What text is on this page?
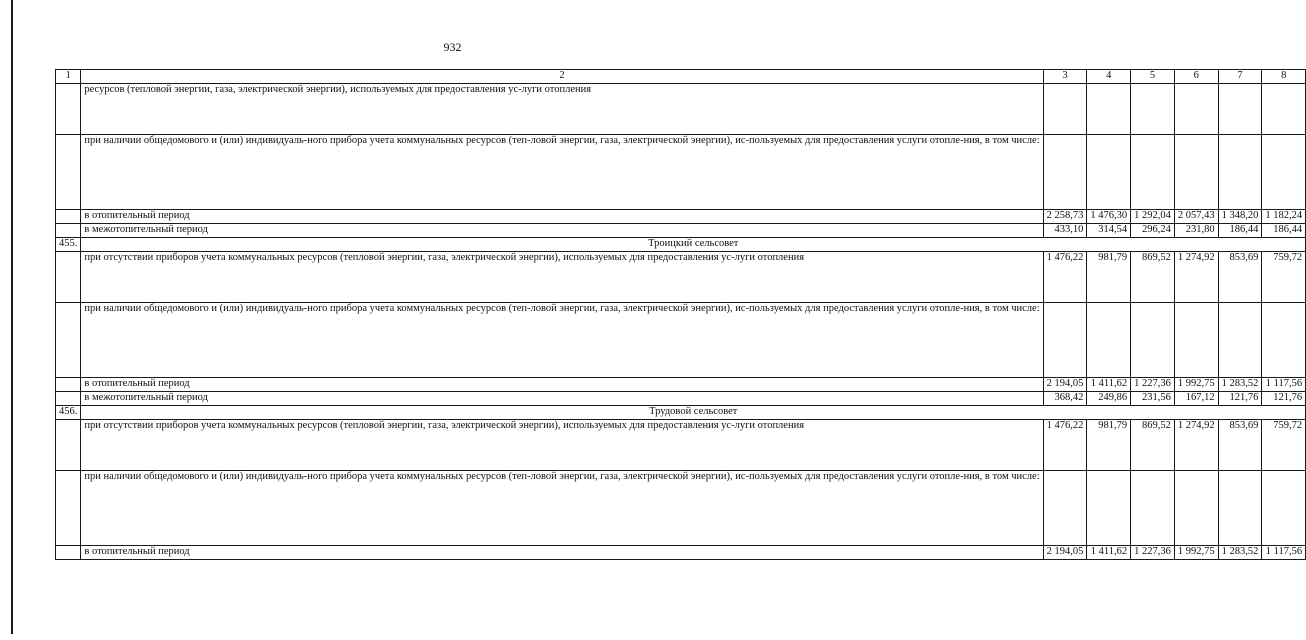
932
1	2	3	4	5	6	7	8
	ресурсов (тепловой энергии, газа, электрической энергии), используемых для предоставления ус-луги отопления						
	при наличии общедомового и (или) индивидуаль-ного прибора учета коммунальных ресурсов (теп-ловой энергии, газа, электрической энергии), ис-пользуемых для предоставления услуги отопле-ния, в том числе:						
	в отопительный период	2 258,73	1 476,30	1 292,04	2 057,43	1 348,20	1 182,24
	в межотопительный период	433,10	314,54	296,24	231,80	186,44	186,44
455.	Троицкий сельсовет						
	при отсутствии приборов учета коммунальных ресурсов (тепловой энергии, газа, электрической энергии), используемых для предоставления ус-луги отопления	1 476,22	981,79	869,52	1 274,92	853,69	759,72
	при наличии общедомового и (или) индивидуаль-ного прибора учета коммунальных ресурсов (теп-ловой энергии, газа, электрической энергии), ис-пользуемых для предоставления услуги отопле-ния, в том числе:						
	в отопительный период	2 194,05	1 411,62	1 227,36	1 992,75	1 283,52	1 117,56
	в межотопительный период	368,42	249,86	231,56	167,12	121,76	121,76
456.	Трудовой сельсовет						
	при отсутствии приборов учета коммунальных ресурсов (тепловой энергии, газа, электрической энергии), используемых для предоставления ус-луги отопления	1 476,22	981,79	869,52	1 274,92	853,69	759,72
	при наличии общедомового и (или) индивидуаль-ного прибора учета коммунальных ресурсов (теп-ловой энергии, газа, электрической энергии), ис-пользуемых для предоставления услуги отопле-ния, в том числе:						
	в отопительный период	2 194,05	1 411,62	1 227,36	1 992,75	1 283,52	1 117,56
